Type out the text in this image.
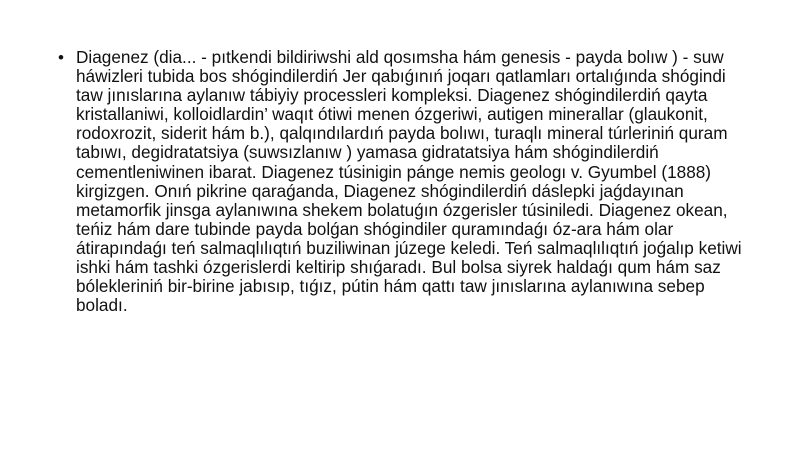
• Diagenez (dia... - pıtkendi bildiriwshi ald qosımsha hám genesis - payda bolıw ) - suw háwizleri tubida bos shógindilerdiń Jer qabıǵınıń joqarı qatlamları ortalıǵında shógindi taw jınıslarına aylanıw tábiyiy processleri kompleksi. Diagenez shógindilerdiń qayta kristallaniwi, kolloidlardin’ waqıt ótiwi menen ózgeriwi, autigen minerallar (glaukonit, rodoxrozit, siderit hám b.), qalqındılardıń payda bolıwı, turaqlı mineral túrleriniń quram tabıwı, degidratatsiya (suwsızlanıw ) yamasa gidratatsiya hám shógindilerdiń cementleniwinen ibarat. Diagenez túsinigin pánge nemis geologı v. Gyumbel (1888) kirgizgen. Onıń pikrine qaraǵanda, Diagenez shógindilerdiń dáslepki jaǵdayınan metamorfik jinsga aylanıwına shekem bolatuǵın ózgerisler túsiniledi. Diagenez okean, teńiz hám dare tubinde payda bolǵan shógindiler quramındaǵı óz-ara hám olar átirapındaǵı teń salmaqlılıqtıń buziliwinan júzege keledi. Teń salmaqlılıqtıń joǵalıp ketiwi ishki hám tashki ózgerislerdi keltirip shıǵaradı. Bul bolsa siyrek haldaǵı qum hám saz bólekleriniń bir-birine jabısıp, tıǵız, pútin hám qattı taw jınıslarına aylanıwına sebep boladı.
